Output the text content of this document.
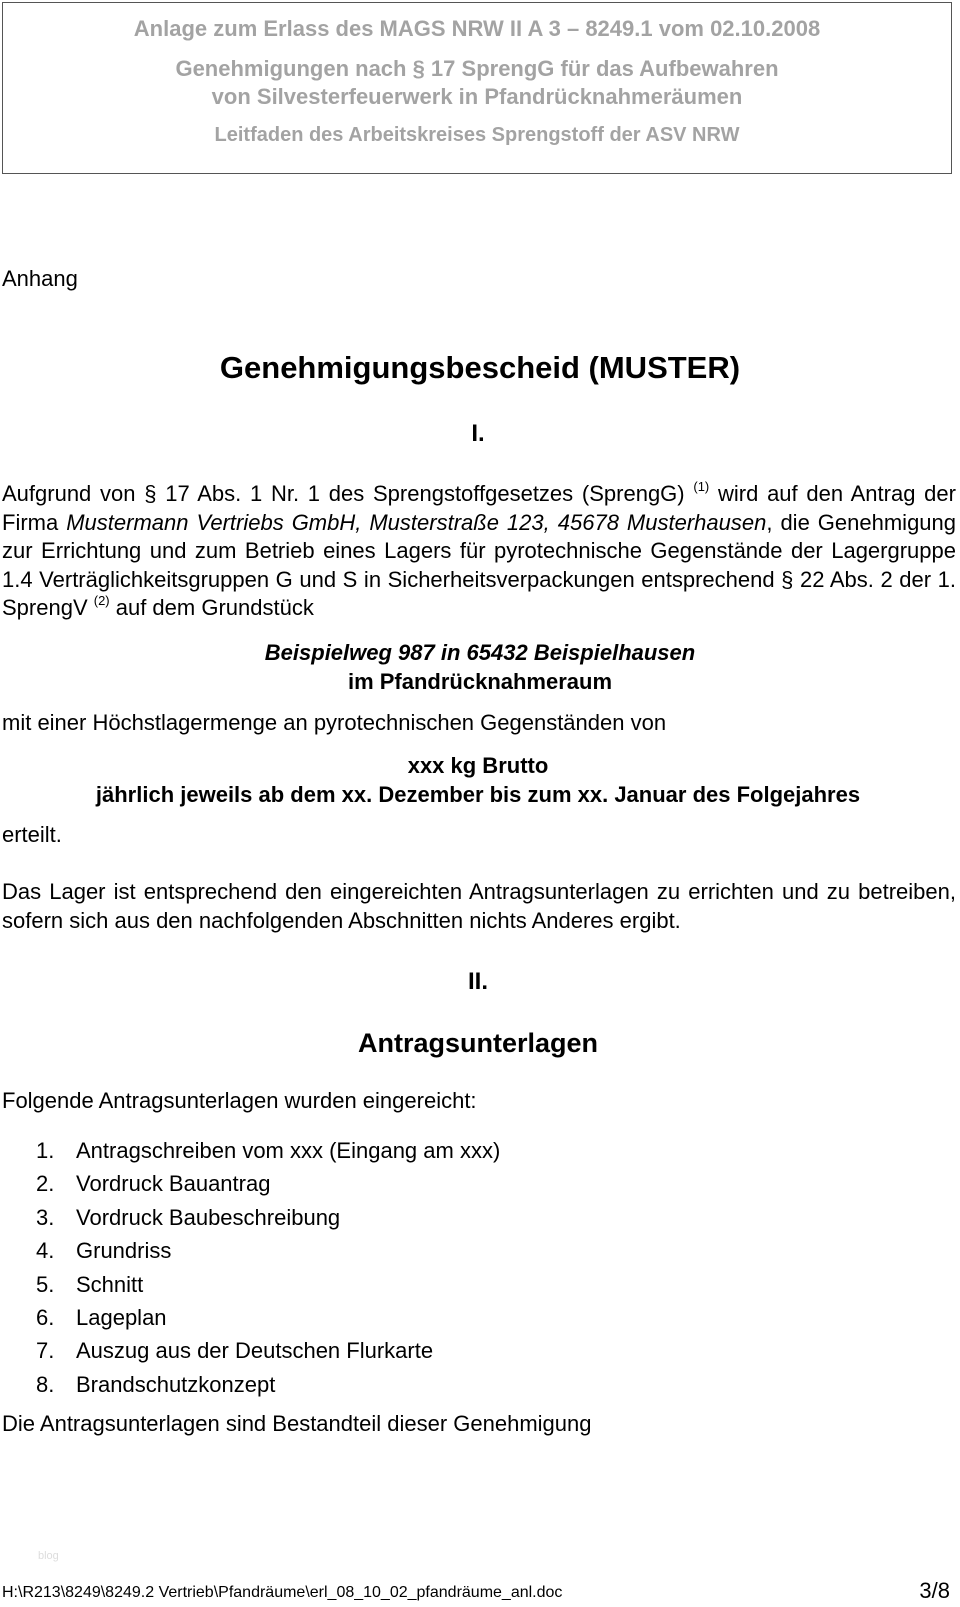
Anlage zum Erlass des MAGS NRW II A 3 – 8249.1 vom 02.10.2008
Genehmigungen nach § 17 SprengG für das Aufbewahren
von Silvesterfeuerwerk in Pfandrücknahmeräumen
Leitfaden des Arbeitskreises Sprengstoff der ASV NRW
Anhang
Genehmigungsbescheid (MUSTER)
I.
Aufgrund von § 17 Abs. 1 Nr. 1 des Sprengstoffgesetzes (SprengG) $^{(1)}$ wird auf den Antrag der Firma Mustermann Vertriebs GmbH, Musterstraße 123, 45678 Musterhausen, die Genehmigung zur Errichtung und zum Betrieb eines Lagers für pyrotechnische Gegenstände der Lagergruppe 1.4 Verträglichkeitsgruppen G und S in Sicherheitsverpackungen entsprechend § 22 Abs. 2 der 1. SprengV $^{(2)}$ auf dem Grundstück
Beispielweg 987 in 65432 Beispielhausen
im Pfandrücknahmeraum
mit einer Höchstlagermenge an pyrotechnischen Gegenständen von
xxx kg Brutto
jährlich jeweils ab dem xx. Dezember bis zum xx. Januar des Folgejahres
erteilt.
Das Lager ist entsprechend den eingereichten Antragsunterlagen zu errichten und zu betreiben, sofern sich aus den nachfolgenden Abschnitten nichts Anderes ergibt.
II.
Antragsunterlagen
Folgende Antragsunterlagen wurden eingereicht:
1. Antragschreiben vom xxx (Eingang am xxx)
2. Vordruck Bauantrag
3. Vordruck Baubeschreibung
4. Grundriss
5. Schnitt
6. Lageplan
7. Auszug aus der Deutschen Flurkarte
8. Brandschutzkonzept
Die Antragsunterlagen sind Bestandteil dieser Genehmigung
blog
H:\R213\8249\8249.2 Vertrieb\Pfandräume\erl_08_10_02_pfandräume_anl.doc	3/8
